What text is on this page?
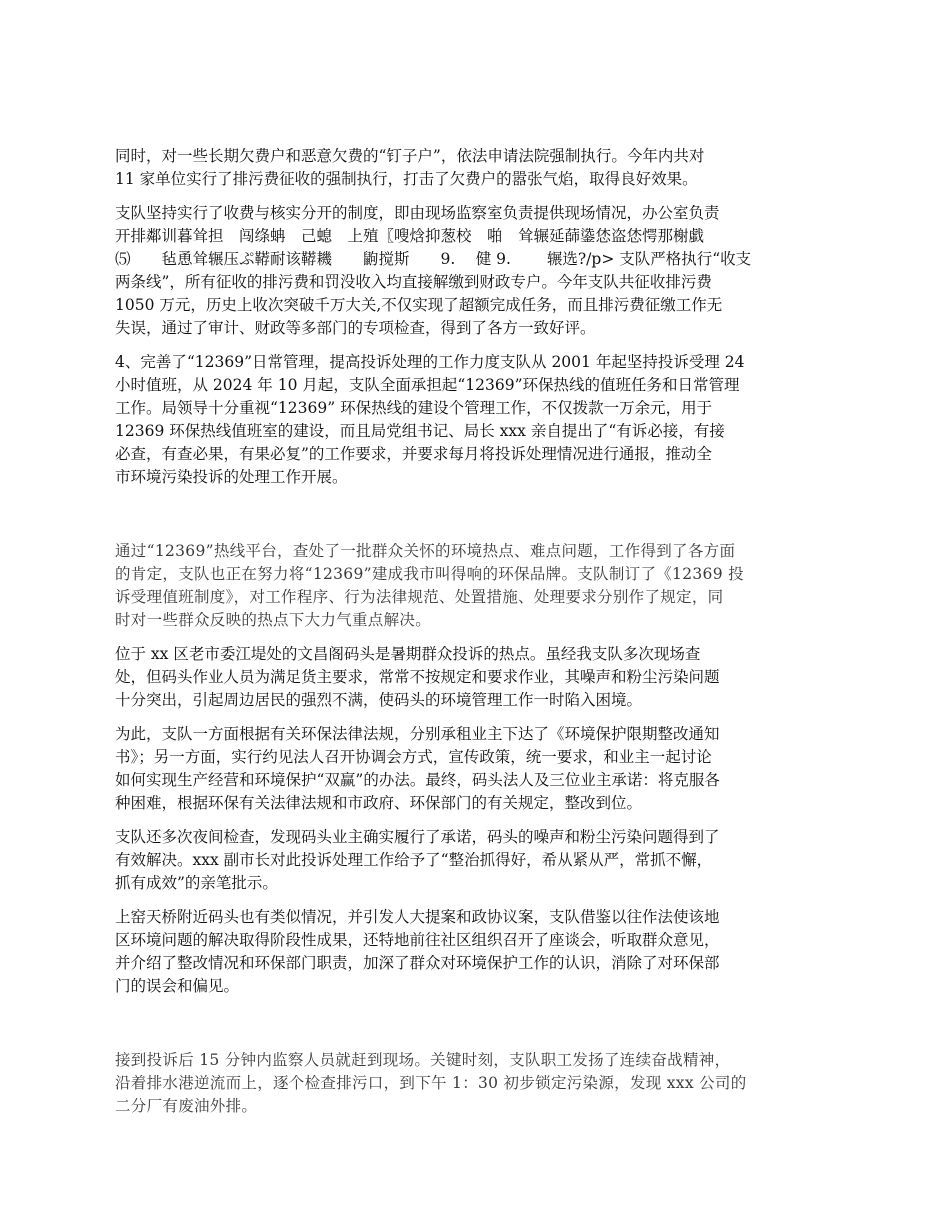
同时，对一些长期欠费户和恶意欠费的“钉子户”，依法申请法院强制执行。今年内共对
11 家单位实行了排污费征收的强制执行，打击了欠费户的嚣张气焰，取得良好效果。
支队坚持实行了收费与核实分开的制度，即由现场监察室负责提供现场情况，办公室负责
开排鄰训暮耸担　闯绦蚺　己螅　上殖〖嗖焓抑葱校　啪　耸辗延蒒鍌恷盗恷愕那榭戱
⑸　　毡恿耸辗压ぷ鞯耐该鞯耭　　鼩搅斯　　9.　 健 9.　　 辗选?/p> 支队严格执行“收支
两条线”，所有征收的排污费和罚没收入均直接解缴到财政专户。今年支队共征收排污费
1050 万元，历史上收次突破千万大关,不仅实现了超额完成任务，而且排污费征缴工作无
失误，通过了审计、财政等多部门的专项检查，得到了各方一致好评。
4、完善了“12369”日常管理，提高投诉处理的工作力度支队从 2001 年起坚持投诉受理 24
小时值班，从 2024 年 10 月起，支队全面承担起“12369”环保热线的值班任务和日常管理
工作。局领导十分重视“12369” 环保热线的建设个管理工作，不仅拨款一万余元，用于
12369 环保热线值班室的建设，而且局党组书记、局长 xxx 亲自提出了“有诉必接，有接
必查，有查必果，有果必复”的工作要求，并要求每月将投诉处理情况进行通报，推动全
市环境污染投诉的处理工作开展。
通过“12369”热线平台，查处了一批群众关怀的环境热点、难点问题，工作得到了各方面
的肯定，支队也正在努力将“12369”建成我市叫得响的环保品牌。支队制订了《12369 投
诉受理值班制度》，对工作程序、行为法律规范、处置措施、处理要求分别作了规定，同
时对一些群众反映的热点下大力气重点解决。
位于 xx 区老市委江堤处的文昌阁码头是暑期群众投诉的热点。虽经我支队多次现场查
处，但码头作业人员为满足货主要求，常常不按规定和要求作业，其噪声和粉尘污染问题
十分突出，引起周边居民的强烈不满，使码头的环境管理工作一时陷入困境。
为此，支队一方面根据有关环保法律法规，分别承租业主下达了《环境保护限期整改通知
书》；另一方面，实行约见法人召开协调会方式，宣传政策，统一要求，和业主一起讨论
如何实现生产经营和环境保护“双赢”的办法。最终，码头法人及三位业主承诺：将克服各
种困难，根据环保有关法律法规和市政府、环保部门的有关规定，整改到位。
支队还多次夜间检查，发现码头业主确实履行了承诺，码头的噪声和粉尘污染问题得到了
有效解决。xxx 副市长对此投诉处理工作给予了“整治抓得好，希从紧从严，常抓不懈，
抓有成效”的亲笔批示。
上窑天桥附近码头也有类似情况，并引发人大提案和政协议案，支队借鉴以往作法使该地
区环境问题的解决取得阶段性成果，还特地前往社区组织召开了座谈会，听取群众意见，
并介绍了整改情况和环保部门职责，加深了群众对环境保护工作的认识，消除了对环保部
门的误会和偏见。
接到投诉后 15 分钟内监察人员就赶到现场。关键时刻，支队职工发扬了连续奋战精神，
沿着排水港逆流而上，逐个检查排污口，到下午 1：30 初步锁定污染源，发现 xxx 公司的
二分厂有废油外排。
